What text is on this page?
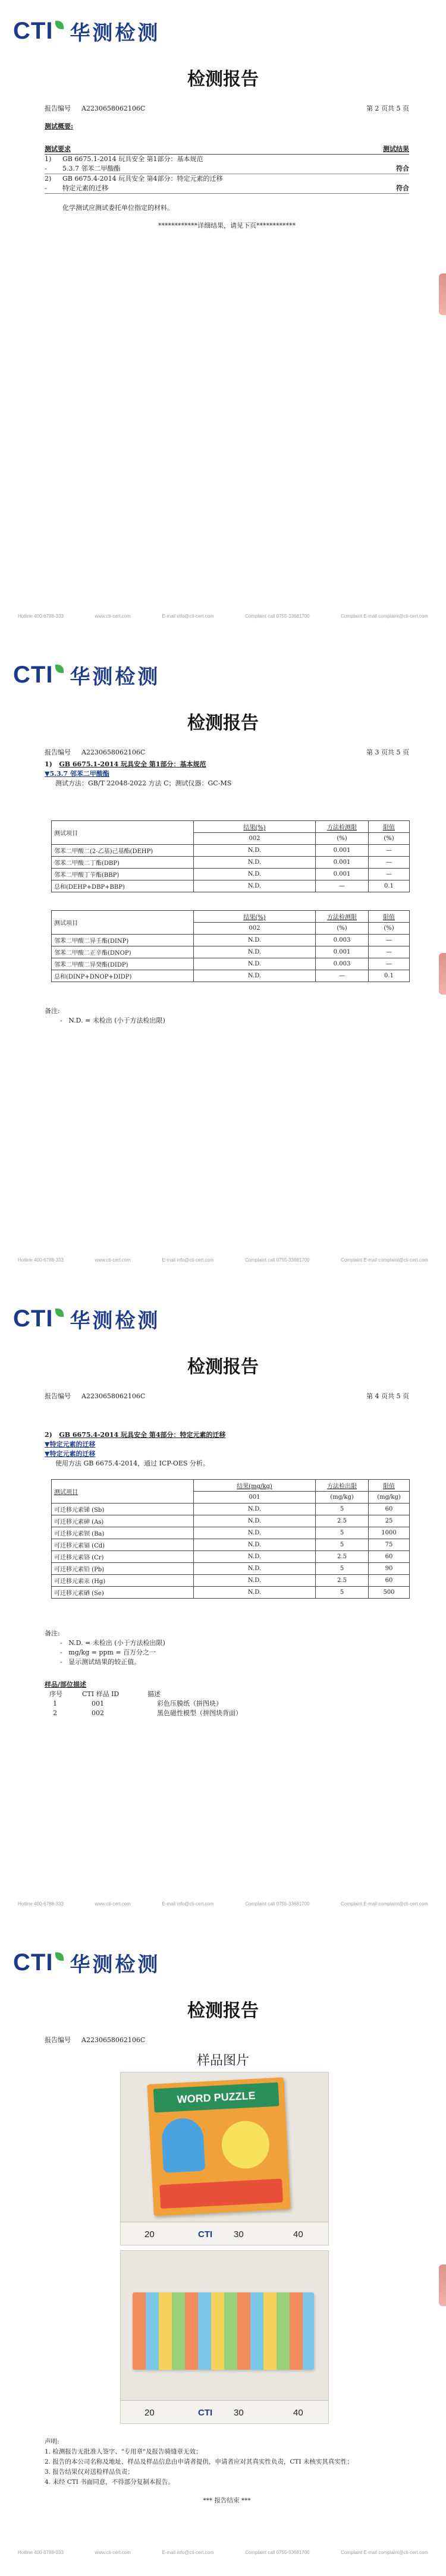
CTI 华测检测
检测报告
报告编号 A2230658062106C	第 2 页共 5 页
测试概要:
测试要求	测试结果
1)	GB 6675.1-2014 玩具安全 第1部分：基本规范
-	5.3.7 邻苯二甲酸酯	符合
2)	GB 6675.4-2014 玩具安全 第4部分：特定元素的迁移
-	特定元素的迁移	符合
化学测试应测试委托单位指定的材料。
************详细结果，请见下页************
Hotline 400-6788-333	www.cti-cert.com	E-mail info@cti-cert.com	Complaint call 0755-33681700	Complaint E-mail complaint@cti-cert.com
CTI 华测检测
检测报告
报告编号 A2230658062106C	第 3 页共 5 页
1) GB 6675.1-2014 玩具安全 第1部分：基本规范
▼5.3.7 邻苯二甲酸酯
测试方法：GB/T 22048-2022 方法 C；测试仪器：GC-MS
测试项目	结果(%)	方法检测限	限值
	002	(%)	(%)
邻苯二甲酸二(2-乙基)己基酯(DEHP)	N.D.	0.001	—
邻苯二甲酸二丁酯(DBP)	N.D.	0.001	—
邻苯二甲酸丁苄酯(BBP)	N.D.	0.001	—
总和(DEHP+DBP+BBP)	N.D.	—	0.1
测试项目	结果(%)	方法检测限	限值
	002	(%)	(%)
邻苯二甲酸二异壬酯(DINP)	N.D.	0.003	—
邻苯二甲酸二正辛酯(DNOP)	N.D.	0.001	—
邻苯二甲酸二异癸酯(DIDP)	N.D.	0.003	—
总和(DINP+DNOP+DIDP)	N.D.	—	0.1
备注:
-   N.D. = 未检出 (小于方法检出限)
Hotline 400-6788-333	www.cti-cert.com	E-mail info@cti-cert.com	Complaint call 0755-33681700	Complaint E-mail complaint@cti-cert.com
CTI 华测检测
检测报告
报告编号 A2230658062106C	第 4 页共 5 页
2) GB 6675.4-2014 玩具安全 第4部分：特定元素的迁移
▼特定元素的迁移
▼特定元素的迁移
使用方法 GB 6675.4-2014，通过 ICP-OES 分析。
测试项目	结果(mg/kg)	方法检出限	限值
	001	(mg/kg)	(mg/kg)
可迁移元素锑 (Sb)	N.D.	5	60
可迁移元素砷 (As)	N.D.	2.5	25
可迁移元素钡 (Ba)	N.D.	5	1000
可迁移元素镉 (Cd)	N.D.	5	75
可迁移元素铬 (Cr)	N.D.	2.5	60
可迁移元素铅 (Pb)	N.D.	5	90
可迁移元素汞 (Hg)	N.D.	2.5	60
可迁移元素硒 (Se)	N.D.	5	500
备注:
-   N.D. = 未检出 (小于方法检出限)
-   mg/kg = ppm = 百万分之一
-   显示测试结果的较正值。
样品/部位描述
序号	CTI 样品 ID	描述
1	001	彩色压膜纸（拼图块）
2	002	黑色磁性模型（拼图块背面）
Hotline 400-6788-333	www.cti-cert.com	E-mail info@cti-cert.com	Complaint call 0755-33681700	Complaint E-mail complaint@cti-cert.com
CTI 华测检测
检测报告
报告编号 A2230658062106C
样品图片
WORD PUZZLE
20	CTI 30	40
20	CTI 30	40
声明:
1. 检测报告无批准人签字、"专用章"及报告骑缝章无效；
2. 报告的本公司名称及地址、样品及样品信息由申请者提供，申请者应对其真实性负责，CTI 未核实其真实性；
3. 报告结果仅对送检样品负责；
4. 未经 CTI 书面同意，不得部分复制本报告。
*** 报告结束 ***
Hotline 400-6788-333	www.cti-cert.com	E-mail info@cti-cert.com	Complaint call 0755-33681700	Complaint E-mail complaint@cti-cert.com
